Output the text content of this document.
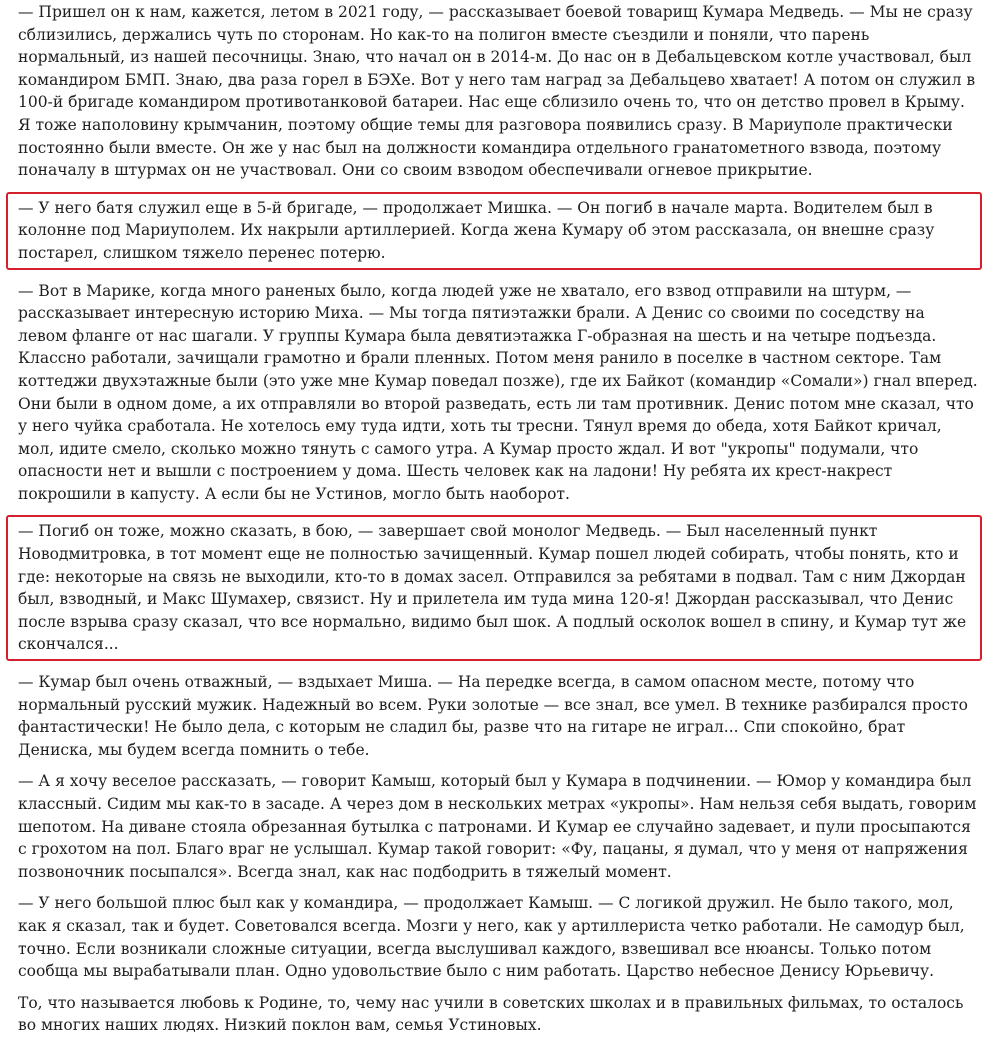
— Пришел он к нам, кажется, летом в 2021 году, — рассказывает боевой товарищ Кумара Медведь. — Мы не сразу сблизились, держались чуть по сторонам. Но как-то на полигон вместе съездили и поняли, что парень нормальный, из нашей песочницы. Знаю, что начал он в 2014-м. До нас он в Дебальцевском котле участвовал, был командиром БМП. Знаю, два раза горел в БЭХе. Вот у него там наград за Дебальцево хватает! А потом он служил в 100-й бригаде командиром противотанковой батареи. Нас еще сблизило очень то, что он детство провел в Крыму. Я тоже наполовину крымчанин, поэтому общие темы для разговора появились сразу. В Мариуполе практически постоянно были вместе. Он же у нас был на должности командира отдельного гранатометного взвода, поэтому поначалу в штурмах он не участвовал. Они со своим взводом обеспечивали огневое прикрытие.

— У него батя служил еще в 5-й бригаде, — продолжает Мишка. — Он погиб в начале марта. Водителем был в колонне под Мариуполем. Их накрыли артиллерией. Когда жена Кумару об этом рассказала, он внешне сразу постарел, слишком тяжело перенес потерю.

— Вот в Марике, когда много раненых было, когда людей уже не хватало, его взвод отправили на штурм, — рассказывает интересную историю Миха. — Мы тогда пятиэтажки брали. А Денис со своими по соседству на левом фланге от нас шагали. У группы Кумара была девятиэтажка Г-образная на шесть и на четыре подъезда. Классно работали, зачищали грамотно и брали пленных. Потом меня ранило в поселке в частном секторе. Там коттеджи двухэтажные были (это уже мне Кумар поведал позже), где их Байкот (командир «Сомали») гнал вперед. Они были в одном доме, а их отправляли во второй разведать, есть ли там противник. Денис потом мне сказал, что у него чуйка сработала. Не хотелось ему туда идти, хоть ты тресни. Тянул время до обеда, хотя Байкот кричал, мол, идите смело, сколько можно тянуть с самого утра. А Кумар просто ждал. И вот "укропы" подумали, что опасности нет и вышли с построением у дома. Шесть человек как на ладони! Ну ребята их крест-накрест покрошили в капусту. А если бы не Устинов, могло быть наоборот.

— Погиб он тоже, можно сказать, в бою, — завершает свой монолог Медведь. — Был населенный пункт Новодмитровка, в тот момент еще не полностью зачищенный. Кумар пошел людей собирать, чтобы понять, кто и где: некоторые на связь не выходили, кто-то в домах засел. Отправился за ребятами в подвал. Там с ним Джордан был, взводный, и Макс Шумахер, связист. Ну и прилетела им туда мина 120-я! Джордан рассказывал, что Денис после взрыва сразу сказал, что все нормально, видимо был шок. А подлый осколок вошел в спину, и Кумар тут же скончался...

— Кумар был очень отважный, — вздыхает Миша. — На передке всегда, в самом опасном месте, потому что нормальный русский мужик. Надежный во всем. Руки золотые — все знал, все умел. В технике разбирался просто фантастически! Не было дела, с которым не сладил бы, разве что на гитаре не играл... Спи спокойно, брат Дениска, мы будем всегда помнить о тебе.

— А я хочу веселое рассказать, — говорит Камыш, который был у Кумара в подчинении. — Юмор у командира был классный. Сидим мы как-то в засаде. А через дом в нескольких метрах «укропы». Нам нельзя себя выдать, говорим шепотом. На диване стояла обрезанная бутылка с патронами. И Кумар ее случайно задевает, и пули просыпаются с грохотом на пол. Благо враг не услышал. Кумар такой говорит: «Фу, пацаны, я думал, что у меня от напряжения позвоночник посыпался». Всегда знал, как нас подбодрить в тяжелый момент.

— У него большой плюс был как у командира, — продолжает Камыш. — С логикой дружил. Не было такого, мол, как я сказал, так и будет. Советовался всегда. Мозги у него, как у артиллериста четко работали. Не самодур был, точно. Если возникали сложные ситуации, всегда выслушивал каждого, взвешивал все нюансы. Только потом сообща мы вырабатывали план. Одно удовольствие было с ним работать. Царство небесное Денису Юрьевичу.

То, что называется любовь к Родине, то, чему нас учили в советских школах и в правильных фильмах, то осталось во многих наших людях. Низкий поклон вам, семья Устиновых.
